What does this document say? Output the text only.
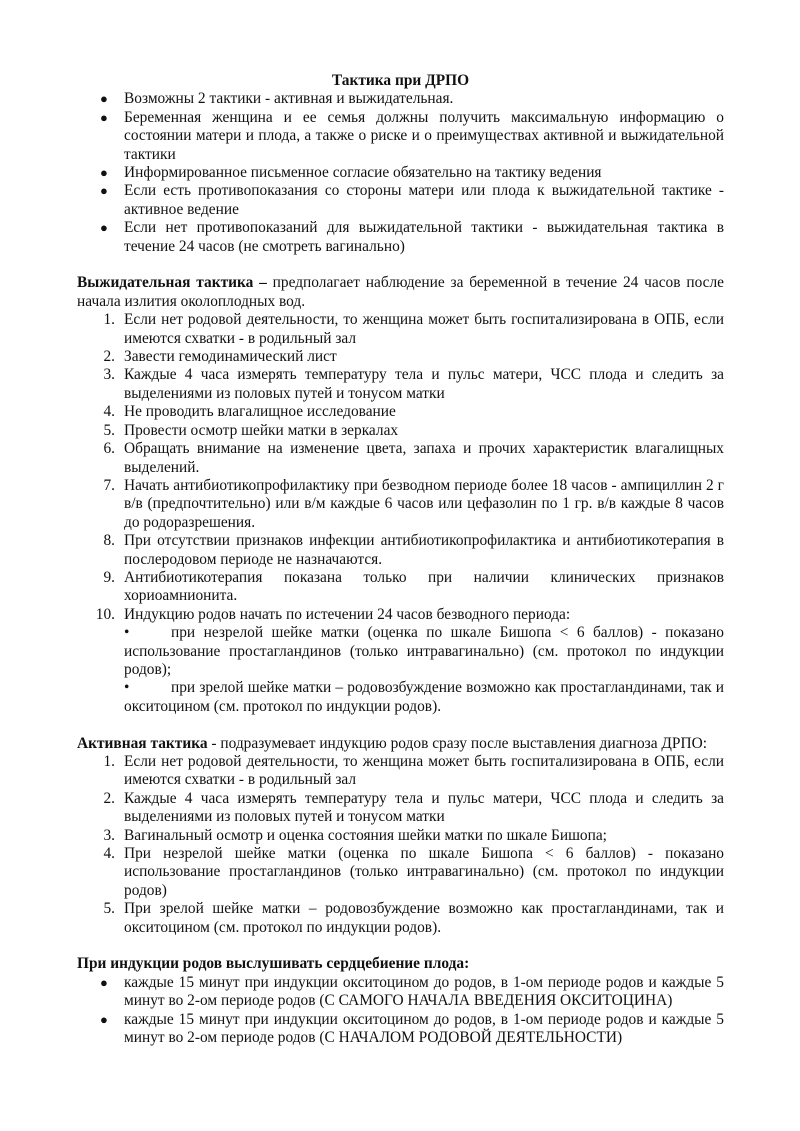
Тактика при ДРПО

● Возможны 2 тактики - активная и выжидательная.
● Беременная женщина и ее семья должны получить максимальную информацию о состоянии матери и плода, а также о риске и о преимуществах активной и выжидательной тактики
● Информированное письменное согласие обязательно на тактику ведения
● Если есть противопоказания со стороны матери или плода к выжидательной тактике - активное ведение
● Если нет противопоказаний для выжидательной тактики - выжидательная тактика в течение 24 часов (не смотреть вагинально)

Выжидательная тактика – предполагает наблюдение за беременной в течение 24 часов после начала излития околоплодных вод.

1. Если нет родовой деятельности, то женщина может быть госпитализирована в ОПБ, если имеются схватки - в родильный зал
2. Завести гемодинамический лист
3. Каждые 4 часа измерять температуру тела и пульс матери, ЧСС плода и следить за выделениями из половых путей и тонусом матки
4. Не проводить влагалищное исследование
5. Провести осмотр шейки матки в зеркалах
6. Обращать внимание на изменение цвета, запаха и прочих характеристик влагалищных выделений.
7. Начать антибиотикопрофилактику при безводном периоде более 18 часов - ампициллин 2 г в/в (предпочтительно) или в/м каждые 6 часов или цефазолин по 1 гр. в/в каждые 8 часов до родоразрешения.
8. При отсутствии признаков инфекции антибиотикопрофилактика и антибиотикотерапия в послеродовом периоде не назначаются.
9. Антибиотикотерапия показана только при наличии клинических признаков хориоамнионита.
10. Индукцию родов начать по истечении 24 часов безводного периода:
•	при незрелой шейке матки (оценка по шкале Бишопа < 6 баллов) - показано использование простагландинов (только интравагинально) (см. протокол по индукции родов);
•	при зрелой шейке матки – родовозбуждение возможно как простагландинами, так и окситоцином (см. протокол по индукции родов).

Активная тактика - подразумевает индукцию родов сразу после выставления диагноза ДРПО:

1. Если нет родовой деятельности, то женщина может быть госпитализирована в ОПБ, если имеются схватки - в родильный зал
2. Каждые 4 часа измерять температуру тела и пульс матери, ЧСС плода и следить за выделениями из половых путей и тонусом матки
3. Вагинальный осмотр и оценка состояния шейки матки по шкале Бишопа;
4. При незрелой шейке матки (оценка по шкале Бишопа < 6 баллов) - показано использование простагландинов (только интравагинально) (см. протокол по индукции родов)
5. При зрелой шейке матки – родовозбуждение возможно как простагландинами, так и окситоцином (см. протокол по индукции родов).

При индукции родов выслушивать сердцебиение плода:

● каждые 15 минут при индукции окситоцином до родов, в 1-ом периоде родов и каждые 5 минут во 2-ом периоде родов (С САМОГО НАЧАЛА ВВЕДЕНИЯ ОКСИТОЦИНА)
● каждые 15 минут при индукции окситоцином до родов, в 1-ом периоде родов и каждые 5 минут во 2-ом периоде родов (С НАЧАЛОМ РОДОВОЙ ДЕЯТЕЛЬНОСТИ)
